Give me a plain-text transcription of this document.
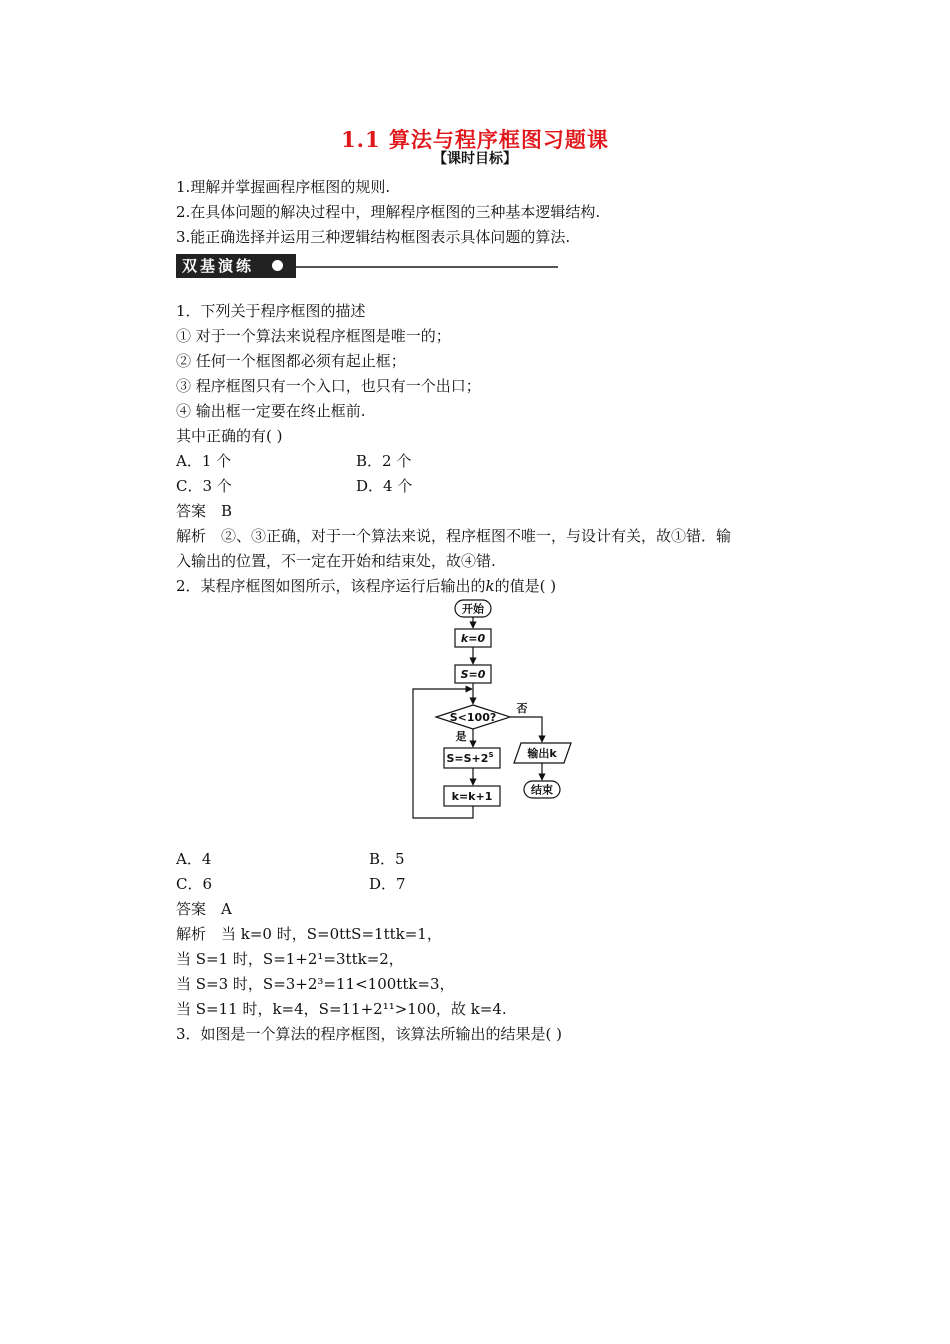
1.1 算法与程序框图习题课
【课时目标】
1.理解并掌握画程序框图的规则.
2.在具体问题的解决过程中，理解程序框图的三种基本逻辑结构.
3.能正确选择并运用三种逻辑结构框图表示具体问题的算法.
双基演练
1．下列关于程序框图的描述
① 对于一个算法来说程序框图是唯一的；
② 任何一个框图都必须有起止框；
③ 程序框图只有一个入口，也只有一个出口；
④ 输出框一定要在终止框前.
其中正确的有( )
A．1 个	B．2 个
C．3 个	D．4 个
答案　B
解析　②、③正确，对于一个算法来说，程序框图不唯一，与设计有关，故①错．输
入输出的位置，不一定在开始和结束处，故④错.
2．某程序框图如图所示，该程序运行后输出的k的值是( )
开始
k=0
S=0
S<100?
否
是
$S=S+2^S$
k=k+1
输出k
结束
A．4	B．5
C．6	D．7
答案　A
解析　当 k=0 时，S=0ttS=1ttk=1，
当 S=1 时，S=1+2¹=3ttk=2，
当 S=3 时，S=3+2³=11<100ttk=3，
当 S=11 时，k=4，S=11+2¹¹>100，故 k=4.
3．如图是一个算法的程序框图，该算法所输出的结果是( )
